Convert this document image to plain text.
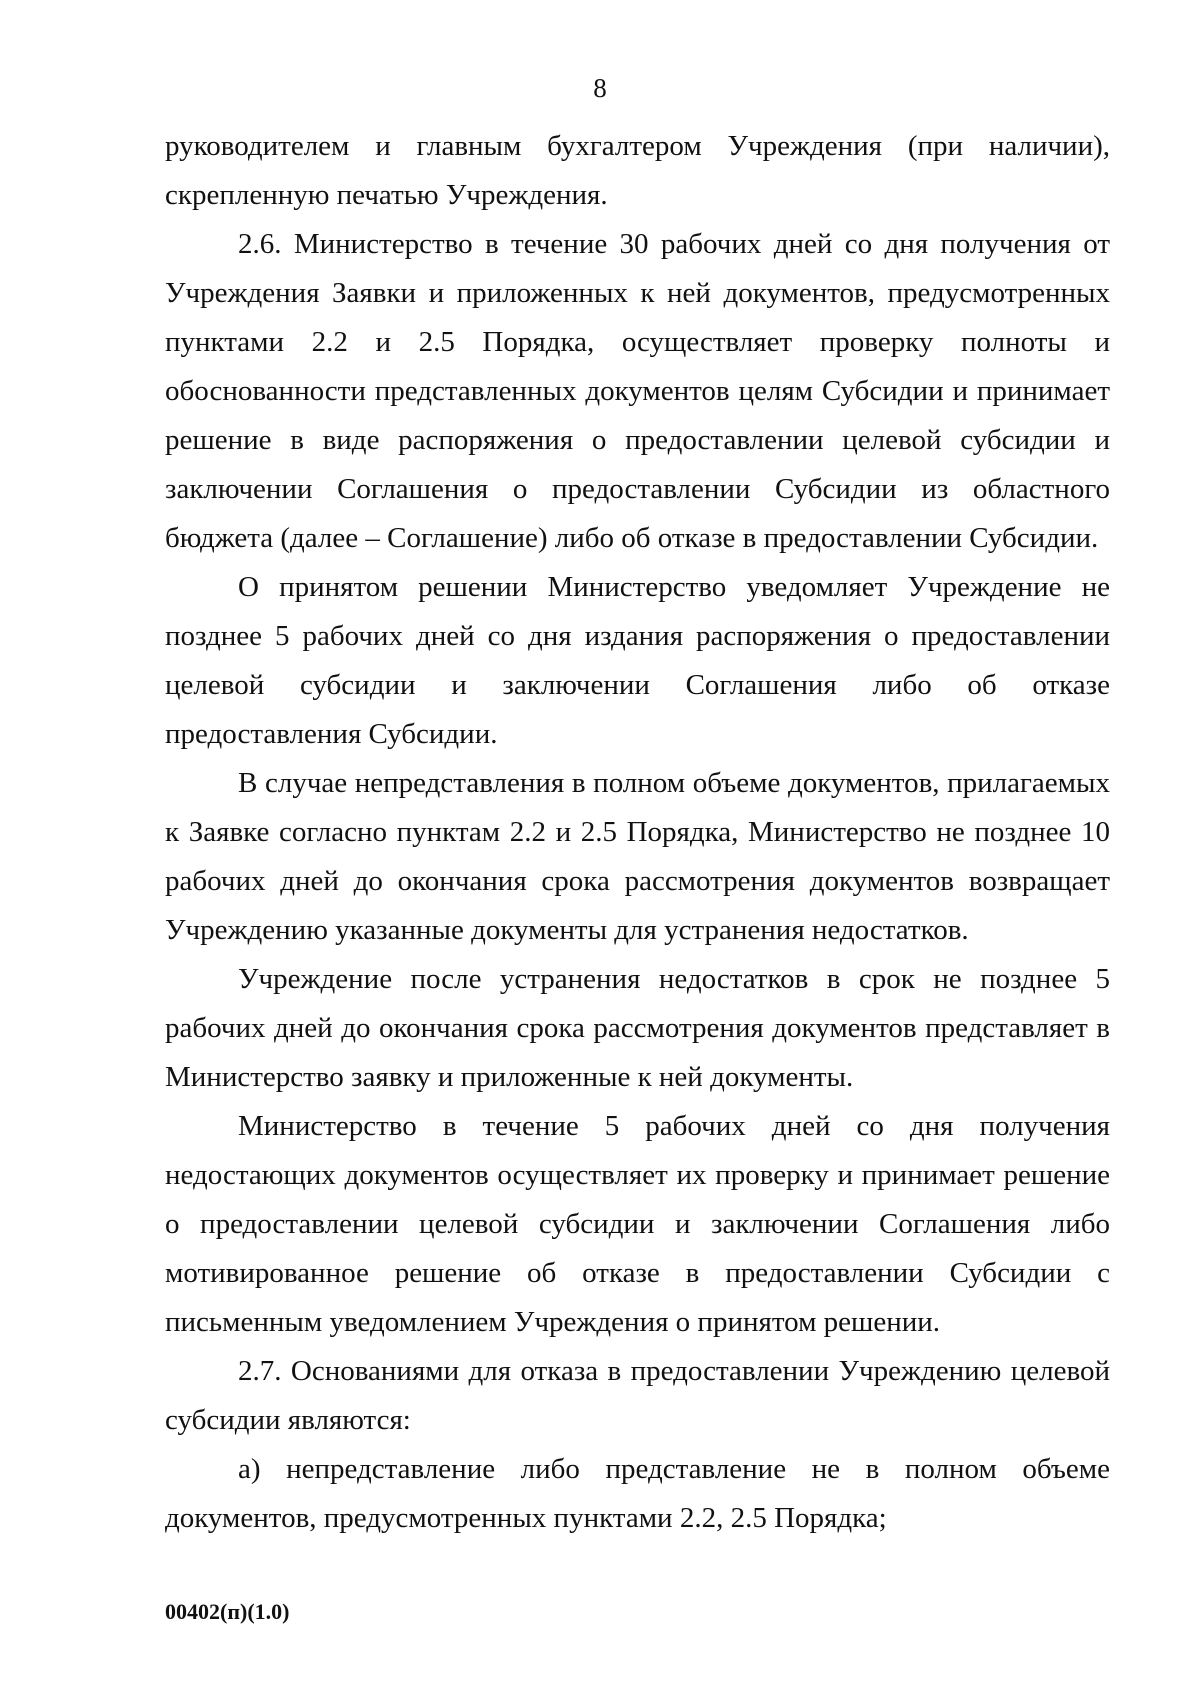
8

руководителем и главным бухгалтером Учреждения (при наличии), скрепленную печатью Учреждения.

2.6. Министерство в течение 30 рабочих дней со дня получения от Учреждения Заявки и приложенных к ней документов, предусмотренных пунктами 2.2 и 2.5 Порядка, осуществляет проверку полноты и обоснованности представленных документов целям Субсидии и принимает решение в виде распоряжения о предоставлении целевой субсидии и заключении Соглашения о предоставлении Субсидии из областного бюджета (далее – Соглашение) либо об отказе в предоставлении Субсидии.

О принятом решении Министерство уведомляет Учреждение не позднее 5 рабочих дней со дня издания распоряжения о предоставлении целевой субсидии и заключении Соглашения либо об отказе предоставления Субсидии.

В случае непредставления в полном объеме документов, прилагаемых к Заявке согласно пунктам 2.2 и 2.5 Порядка, Министерство не позднее 10 рабочих дней до окончания срока рассмотрения документов возвращает Учреждению указанные документы для устранения недостатков.

Учреждение после устранения недостатков в срок не позднее 5 рабочих дней до окончания срока рассмотрения документов представляет в Министерство заявку и приложенные к ней документы.

Министерство в течение 5 рабочих дней со дня получения недостающих документов осуществляет их проверку и принимает решение о предоставлении целевой субсидии и заключении Соглашения либо мотивированное решение об отказе в предоставлении Субсидии с письменным уведомлением Учреждения о принятом решении.

2.7. Основаниями для отказа в предоставлении Учреждению целевой субсидии являются:

а) непредставление либо представление не в полном объеме документов, предусмотренных пунктами 2.2, 2.5 Порядка;

00402(п)(1.0)
